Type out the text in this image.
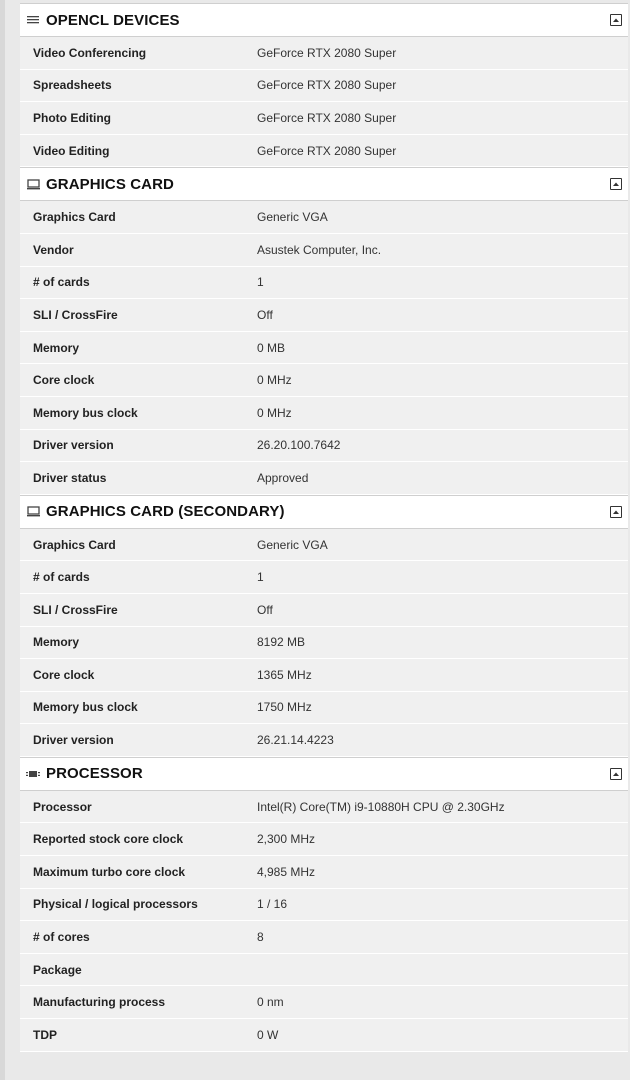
OPENCL DEVICES
Video Conferencing	GeForce RTX 2080 Super
Spreadsheets	GeForce RTX 2080 Super
Photo Editing	GeForce RTX 2080 Super
Video Editing	GeForce RTX 2080 Super
GRAPHICS CARD
Graphics Card	Generic VGA
Vendor	Asustek Computer, Inc.
# of cards	1
SLI / CrossFire	Off
Memory	0 MB
Core clock	0 MHz
Memory bus clock	0 MHz
Driver version	26.20.100.7642
Driver status	Approved
GRAPHICS CARD (SECONDARY)
Graphics Card	Generic VGA
# of cards	1
SLI / CrossFire	Off
Memory	8192 MB
Core clock	1365 MHz
Memory bus clock	1750 MHz
Driver version	26.21.14.4223
PROCESSOR
Processor	Intel(R) Core(TM) i9-10880H CPU @ 2.30GHz
Reported stock core clock	2,300 MHz
Maximum turbo core clock	4,985 MHz
Physical / logical processors	1 / 16
# of cores	8
Package
Manufacturing process	0 nm
TDP	0 W
